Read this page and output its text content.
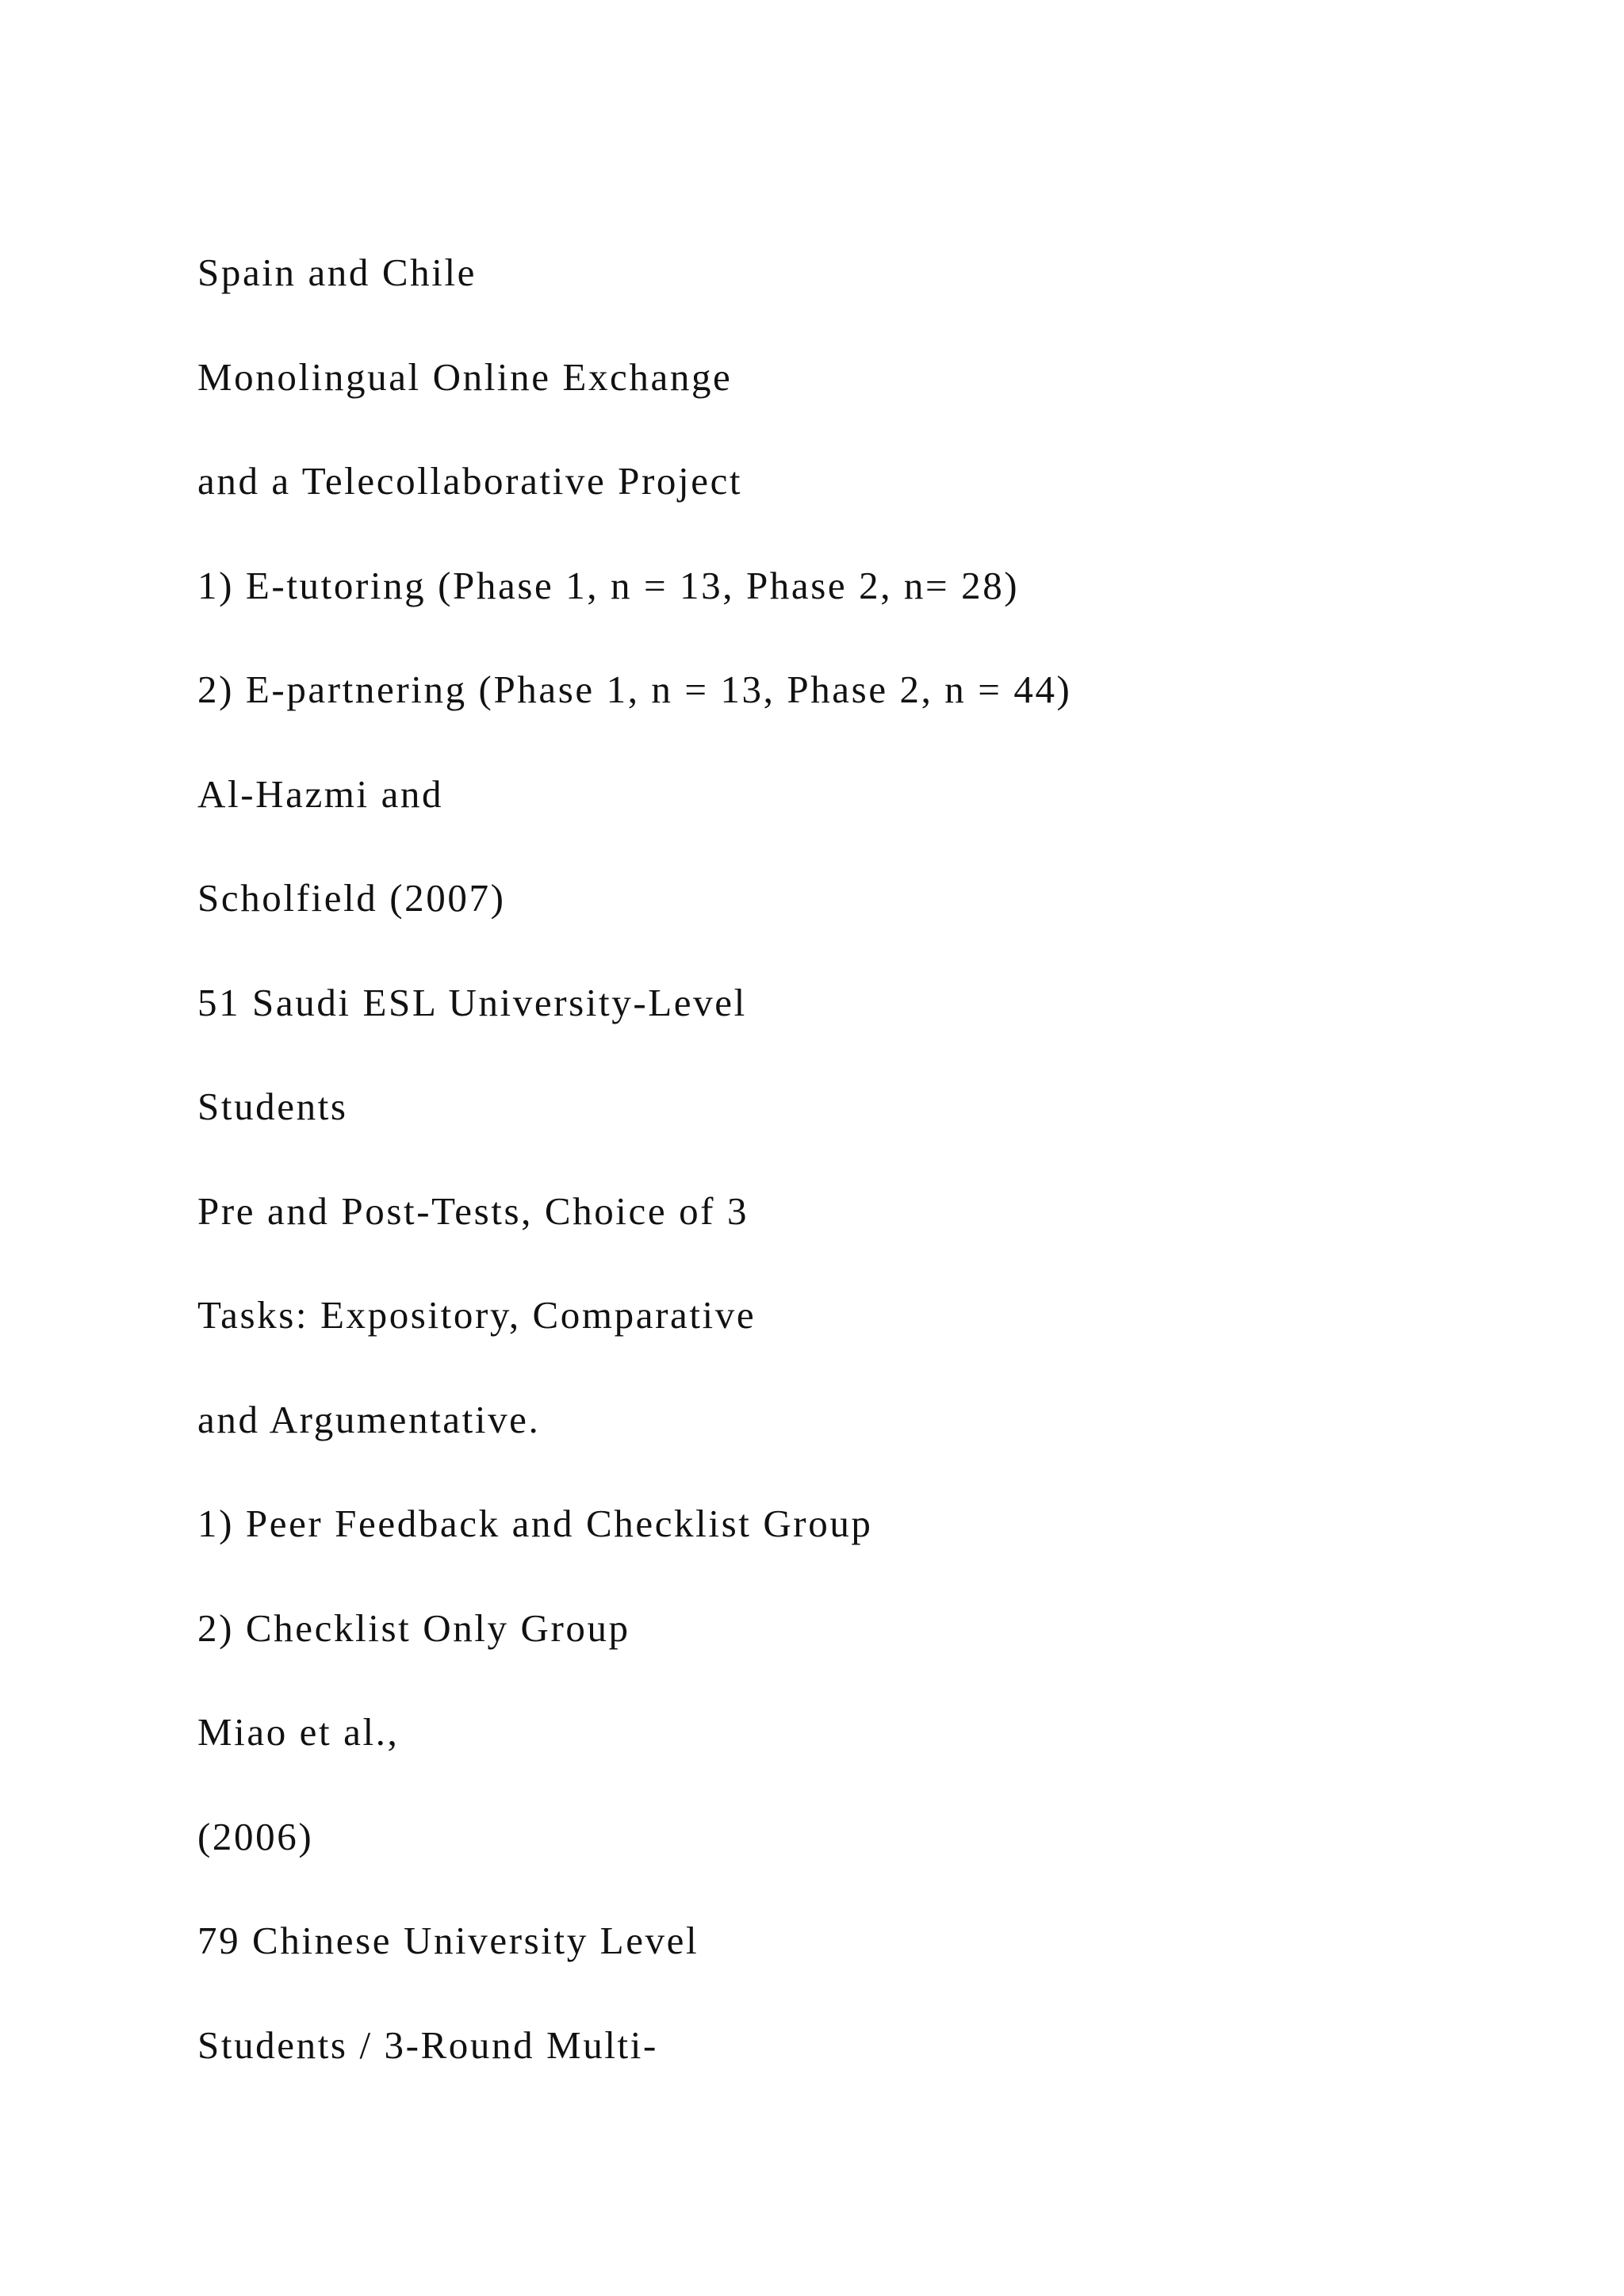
Spain and Chile
Monolingual Online Exchange
and a Telecollaborative Project
1) E-tutoring (Phase 1, n = 13, Phase 2, n= 28)
2) E-partnering (Phase 1, n = 13, Phase 2, n = 44)
Al-Hazmi and
Scholfield (2007)
51 Saudi ESL University-Level
Students
Pre and Post-Tests, Choice of 3
Tasks: Expository, Comparative
and Argumentative.
1) Peer Feedback and Checklist Group
2) Checklist Only Group
Miao et al.,
(2006)
79 Chinese University Level
Students / 3-Round Multi-
